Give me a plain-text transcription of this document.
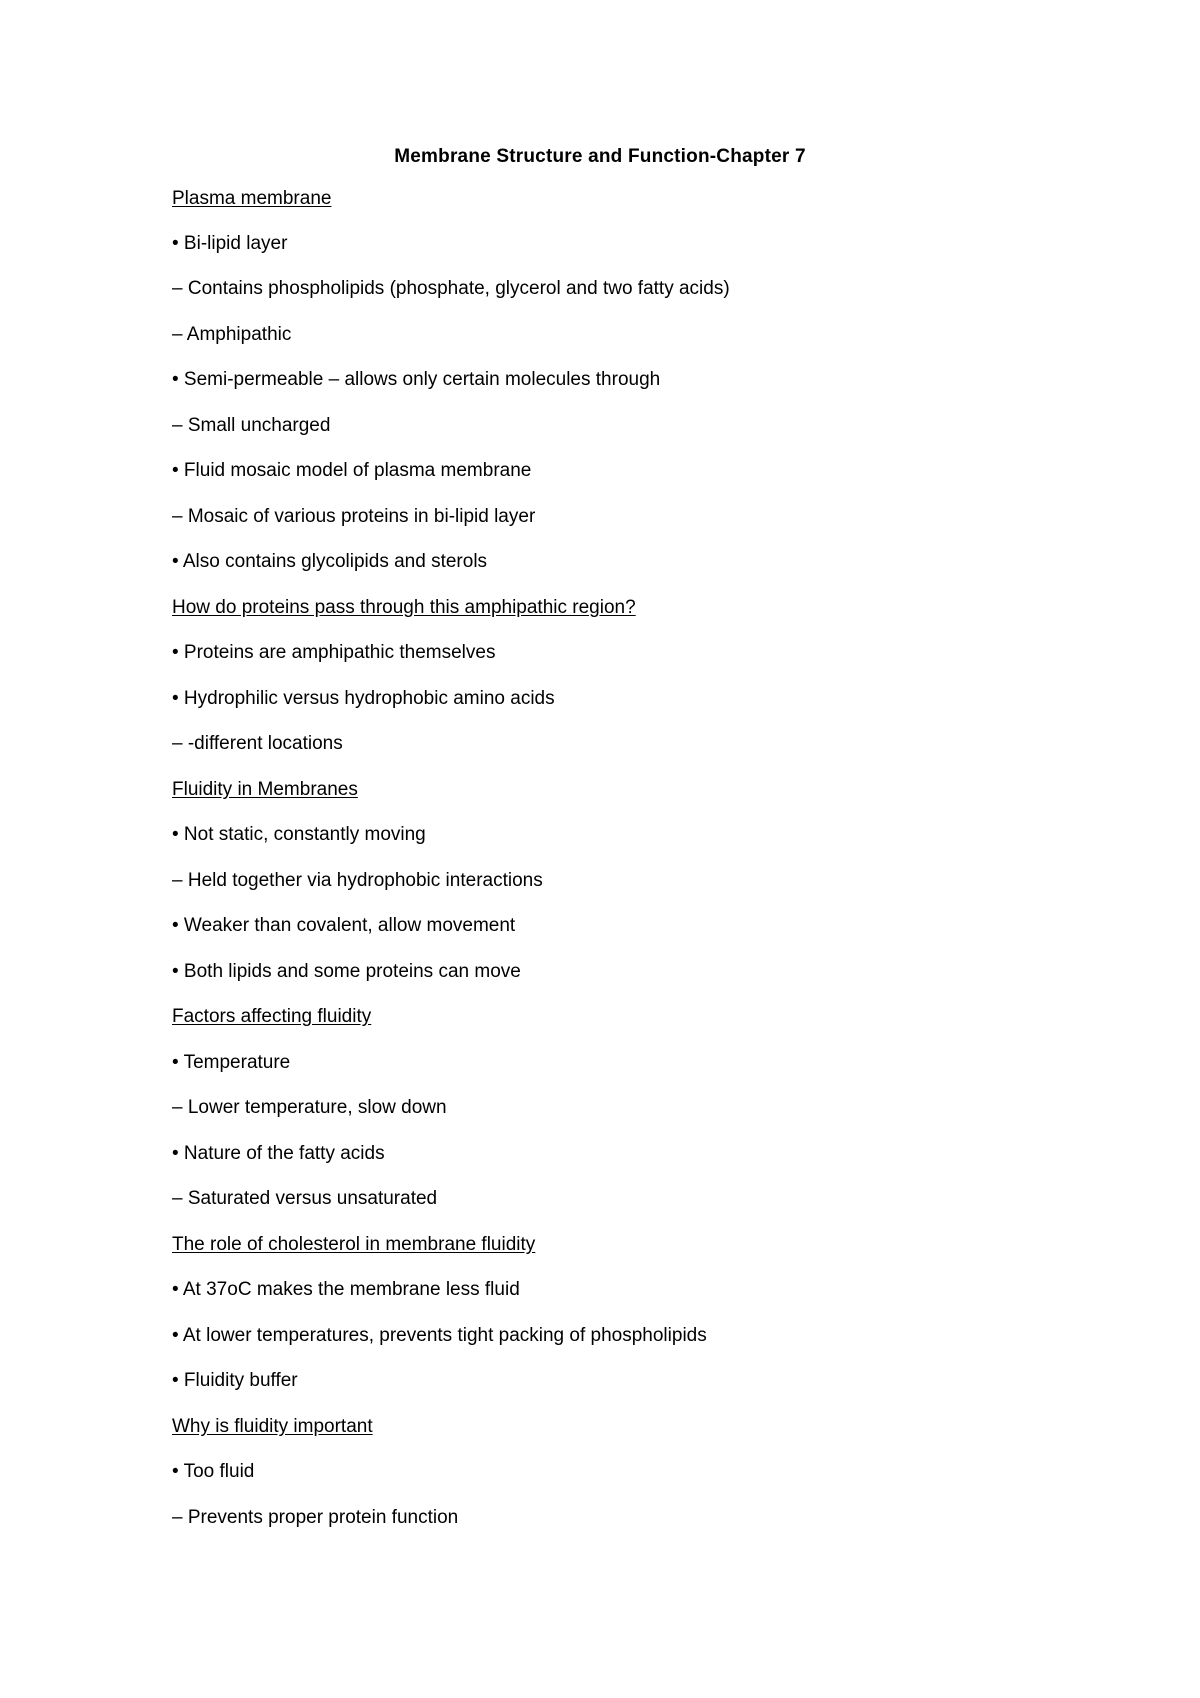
Membrane Structure and Function-Chapter 7

Plasma membrane

• Bi-lipid layer

– Contains phospholipids (phosphate, glycerol and two fatty acids)

– Amphipathic

• Semi-permeable – allows only certain molecules through

– Small uncharged

• Fluid mosaic model of plasma membrane

– Mosaic of various proteins in bi-lipid layer

• Also contains glycolipids and sterols

How do proteins pass through this amphipathic region?

• Proteins are amphipathic themselves

• Hydrophilic versus hydrophobic amino acids

– -different locations

Fluidity in Membranes

• Not static, constantly moving

– Held together via hydrophobic interactions

• Weaker than covalent, allow movement

• Both lipids and some proteins can move

Factors affecting fluidity

• Temperature

– Lower temperature, slow down

• Nature of the fatty acids

– Saturated versus unsaturated

The role of cholesterol in membrane fluidity

• At 37oC makes the membrane less fluid

• At lower temperatures, prevents tight packing of phospholipids

• Fluidity buffer

Why is fluidity important

• Too fluid

– Prevents proper protein function
